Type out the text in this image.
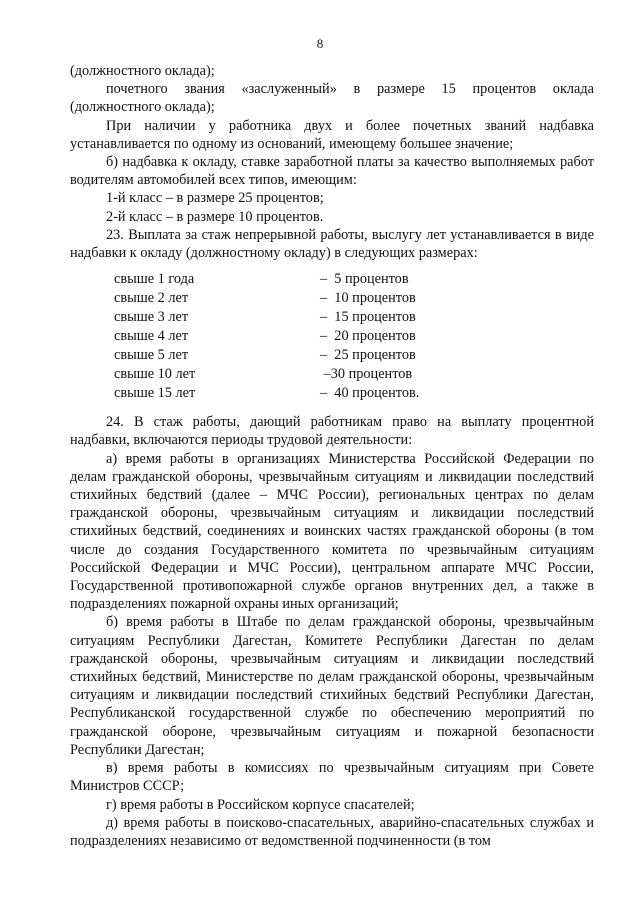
8

(должностного оклада);

почетного звания «заслуженный» в размере 15 процентов оклада (должностного оклада);

При наличии у работника двух и более почетных званий надбавка устанавливается по одному из оснований, имеющему большее значение;

б) надбавка к окладу, ставке заработной платы за качество выполняемых работ водителям автомобилей всех типов, имеющим:

1-й класс – в размере 25 процентов;

2-й класс – в размере 10 процентов.

23. Выплата за стаж непрерывной работы, выслугу лет устанавливается в виде надбавки к окладу (должностному окладу) в следующих размерах:

свыше 1 года	–  5 процентов
свыше 2 лет	–  10 процентов
свыше 3 лет	–  15 процентов
свыше 4 лет	–  20 процентов
свыше 5 лет	–  25 процентов
свыше 10 лет	–30 процентов
свыше 15 лет	–  40 процентов.

24. В стаж работы, дающий работникам право на выплату процентной надбавки, включаются периоды трудовой деятельности:

а) время работы в организациях Министерства Российской Федерации по делам гражданской обороны, чрезвычайным ситуациям и ликвидации последствий стихийных бедствий (далее – МЧС России), региональных центрах по делам гражданской обороны, чрезвычайным ситуациям и ликвидации последствий стихийных бедствий, соединениях и воинских частях гражданской обороны (в том числе до создания Государственного комитета по чрезвычайным ситуациям Российской Федерации и МЧС России), центральном аппарате МЧС России, Государственной противопожарной службе органов внутренних дел, а также в подразделениях пожарной охраны иных организаций;

б) время работы в Штабе по делам гражданской обороны, чрезвычайным ситуациям Республики Дагестан, Комитете Республики Дагестан по делам гражданской обороны, чрезвычайным ситуациям и ликвидации последствий стихийных бедствий, Министерстве по делам гражданской обороны, чрезвычайным ситуациям и ликвидации последствий стихийных бедствий Республики Дагестан, Республиканской государственной службе по обеспечению мероприятий по гражданской обороне, чрезвычайным ситуациям и пожарной безопасности Республики Дагестан;

в) время работы в комиссиях по чрезвычайным ситуациям при Совете Министров СССР;

г) время работы в Российском корпусе спасателей;

д) время работы в поисково-спасательных, аварийно-спасательных службах и подразделениях независимо от ведомственной подчиненности (в том
